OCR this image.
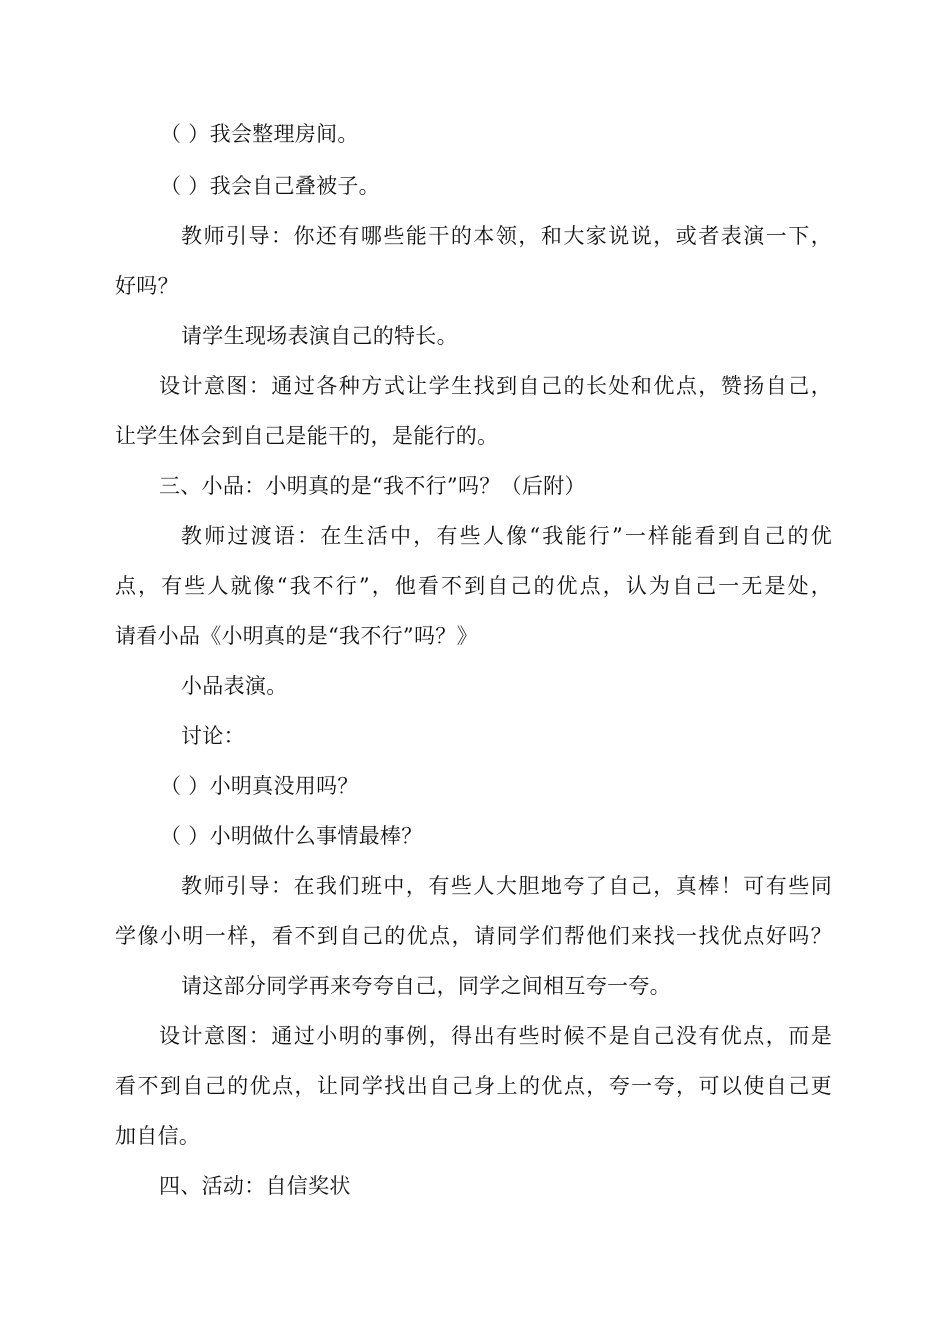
（ ）我会整理房间。
（ ）我会自己叠被子。
教师引导：你还有哪些能干的本领，和大家说说，或者表演一下，
好吗？
请学生现场表演自己的特长。
设计意图：通过各种方式让学生找到自己的长处和优点，赞扬自己，
让学生体会到自己是能干的，是能行的。
三、小品：小明真的是“我不行”吗？（后附）
教师过渡语：在生活中，有些人像“我能行”一样能看到自己的优
点，有些人就像“我不行”，他看不到自己的优点，认为自己一无是处，
请看小品《小明真的是“我不行”吗？》
小品表演。
讨论：
（ ）小明真没用吗？
（ ）小明做什么事情最棒？
教师引导：在我们班中，有些人大胆地夸了自己，真棒！可有些同
学像小明一样，看不到自己的优点，请同学们帮他们来找一找优点好吗？
请这部分同学再来夸夸自己，同学之间相互夸一夸。
设计意图：通过小明的事例，得出有些时候不是自己没有优点，而是
看不到自己的优点，让同学找出自己身上的优点，夸一夸，可以使自己更
加自信。
四、活动：自信奖状
